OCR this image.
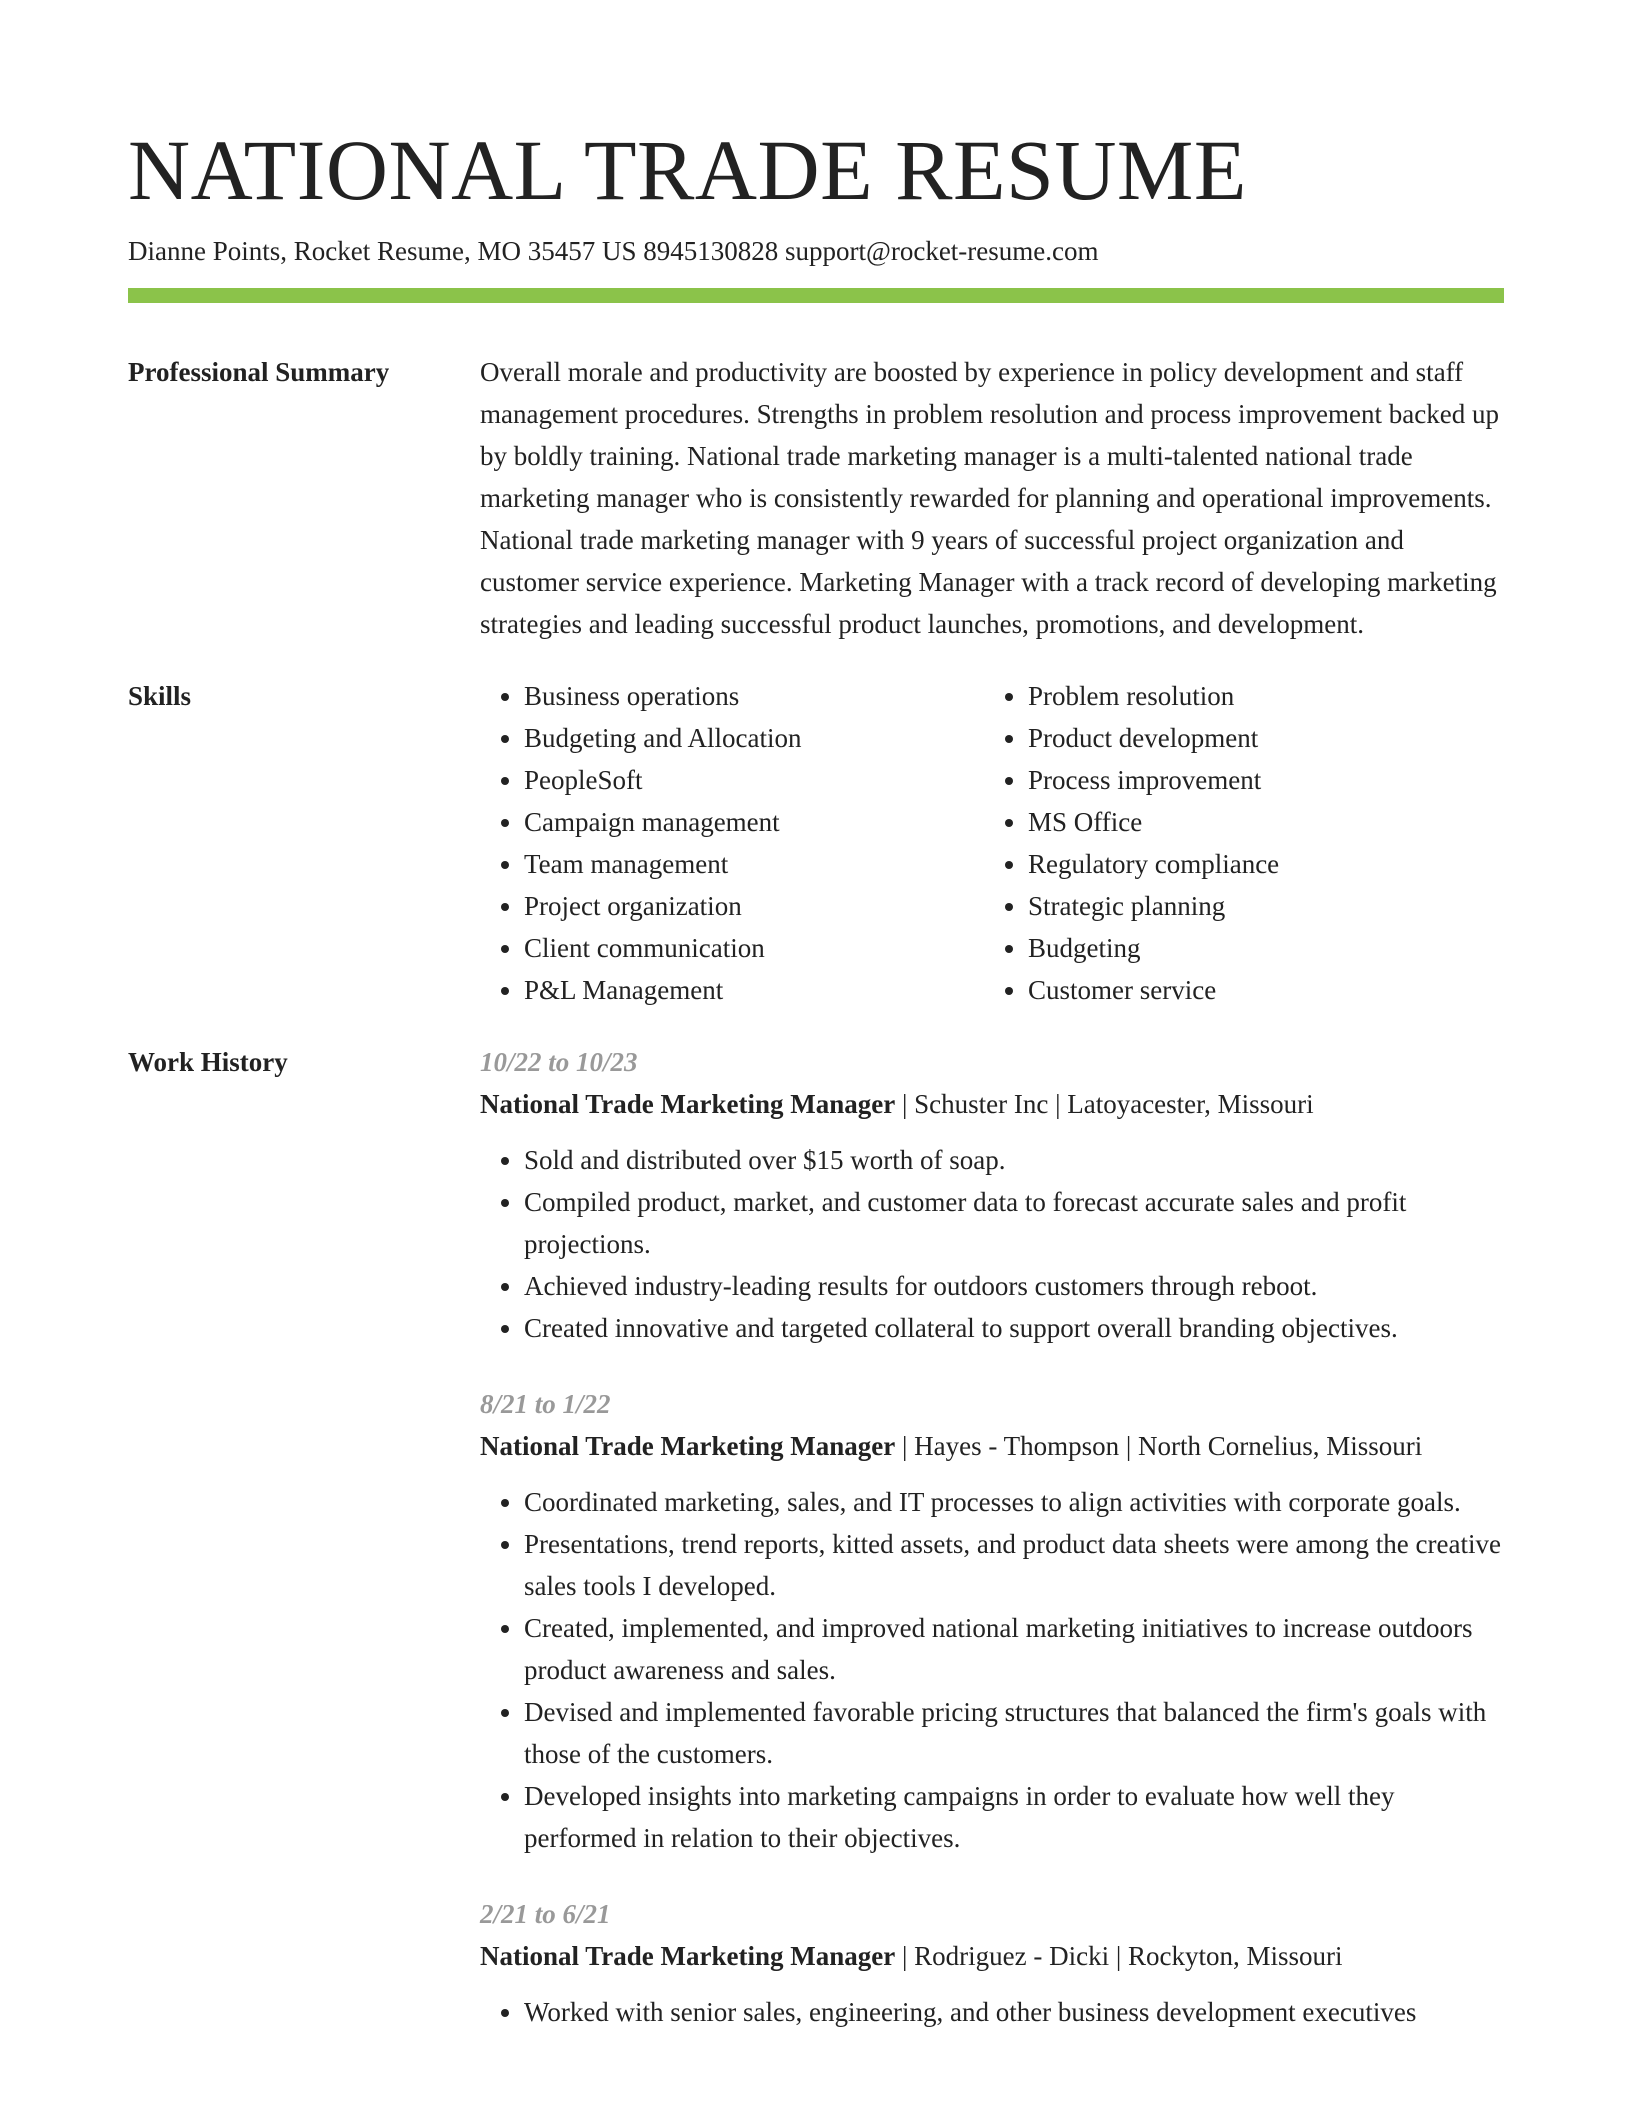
NATIONAL TRADE RESUME
Dianne Points, Rocket Resume, MO 35457 US 8945130828 support@rocket-resume.com
Professional Summary	Overall morale and productivity are boosted by experience in policy development and staff management procedures. Strengths in problem resolution and process improvement backed up by boldly training. National trade marketing manager is a multi-talented national trade marketing manager who is consistently rewarded for planning and operational improvements. National trade marketing manager with 9 years of successful project organization and customer service experience. Marketing Manager with a track record of developing marketing strategies and leading successful product launches, promotions, and development.

Skills
•	Business operations
• Budgeting and Allocation
• PeopleSoft
• Campaign management
• Team management
• Project organization
• Client communication
• P&L Management
• Problem resolution
• Product development
• Process improvement
• MS Office
• Regulatory compliance
• Strategic planning
• Budgeting
• Customer service
Work History	10/22 to 10/23
National Trade Marketing Manager | Schuster Inc | Latoyacester, Missouri
• Sold and distributed over $15 worth of soap.
• Compiled product, market, and customer data to forecast accurate sales and profit projections.
• Achieved industry-leading results for outdoors customers through reboot.
• Created innovative and targeted collateral to support overall branding objectives.
8/21 to 1/22
National Trade Marketing Manager | Hayes - Thompson | North Cornelius, Missouri
• Coordinated marketing, sales, and IT processes to align activities with corporate goals.
• Presentations, trend reports, kitted assets, and product data sheets were among the creative sales tools I developed.
• Created, implemented, and improved national marketing initiatives to increase outdoors product awareness and sales.
• Devised and implemented favorable pricing structures that balanced the firm's goals with those of the customers.
• Developed insights into marketing campaigns in order to evaluate how well they performed in relation to their objectives.
2/21 to 6/21
National Trade Marketing Manager | Rodriguez - Dicki | Rockyton, Missouri
• Worked with senior sales, engineering, and other business development executives
